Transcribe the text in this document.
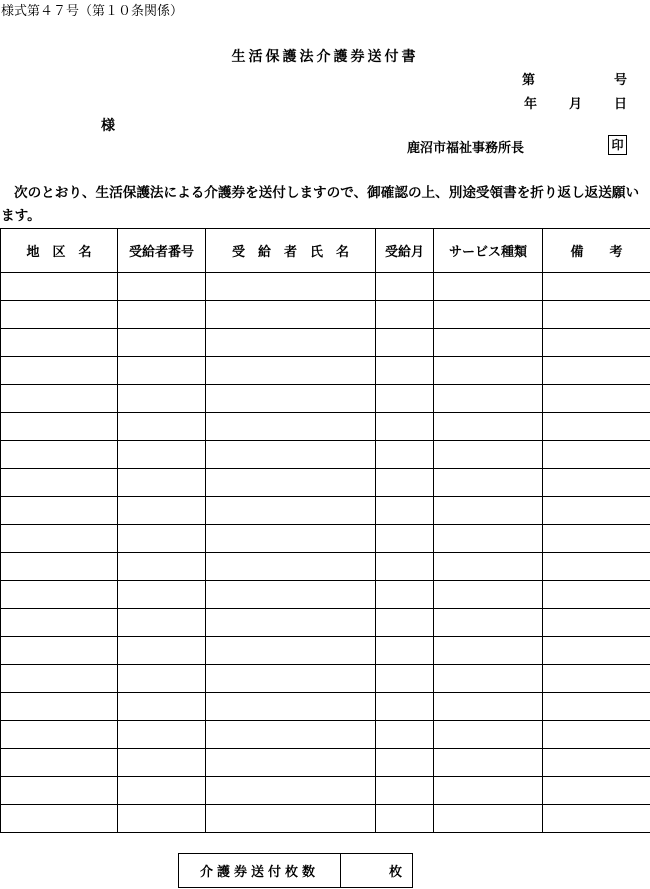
様式第４７号（第１０条関係）
生活保護法介護券送付書
第	号
年 月 日
様
鹿沼市福祉事務所長	印
次のとおり、生活保護法による介護券を送付しますので、御確認の上、別途受領書を折り返し返送願います。
地　区　名	受給者番号	受　給　者　氏　名	受給月	サービス種類	備　　考

介護券送付枚数	枚
